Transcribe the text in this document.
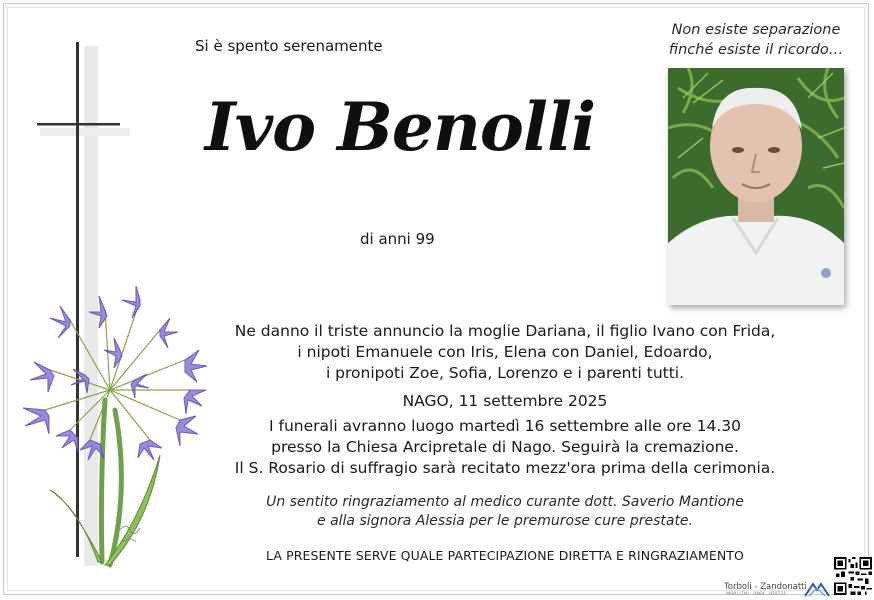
Si è spento serenamente
Non esiste separazione
finché esiste il ricordo…
Ivo Benolli
di anni 99
Ne danno il triste annuncio la moglie Dariana, il figlio Ivano con Frida,
i nipoti Emanuele con Iris, Elena con Daniel, Edoardo,
i pronipoti Zoe, Sofia, Lorenzo e i parenti tutti.
NAGO, 11 settembre 2025
I funerali avranno luogo martedì 16 settembre alle ore 14.30
presso la Chiesa Arcipretale di Nago. Seguirà la cremazione.
Il S. Rosario di suffragio sarà recitato mezz'ora prima della cerimonia.
Un sentito ringraziamento al medico curante dott. Saverio Mantione
e alla signora Alessia per le premurose cure prestate.
LA PRESENTE SERVE QUALE PARTECIPAZIONE DIRETTA E RINGRAZIAMENTO
Torboli - Zandonatti
MORI (TN) · 0464 - 918715
